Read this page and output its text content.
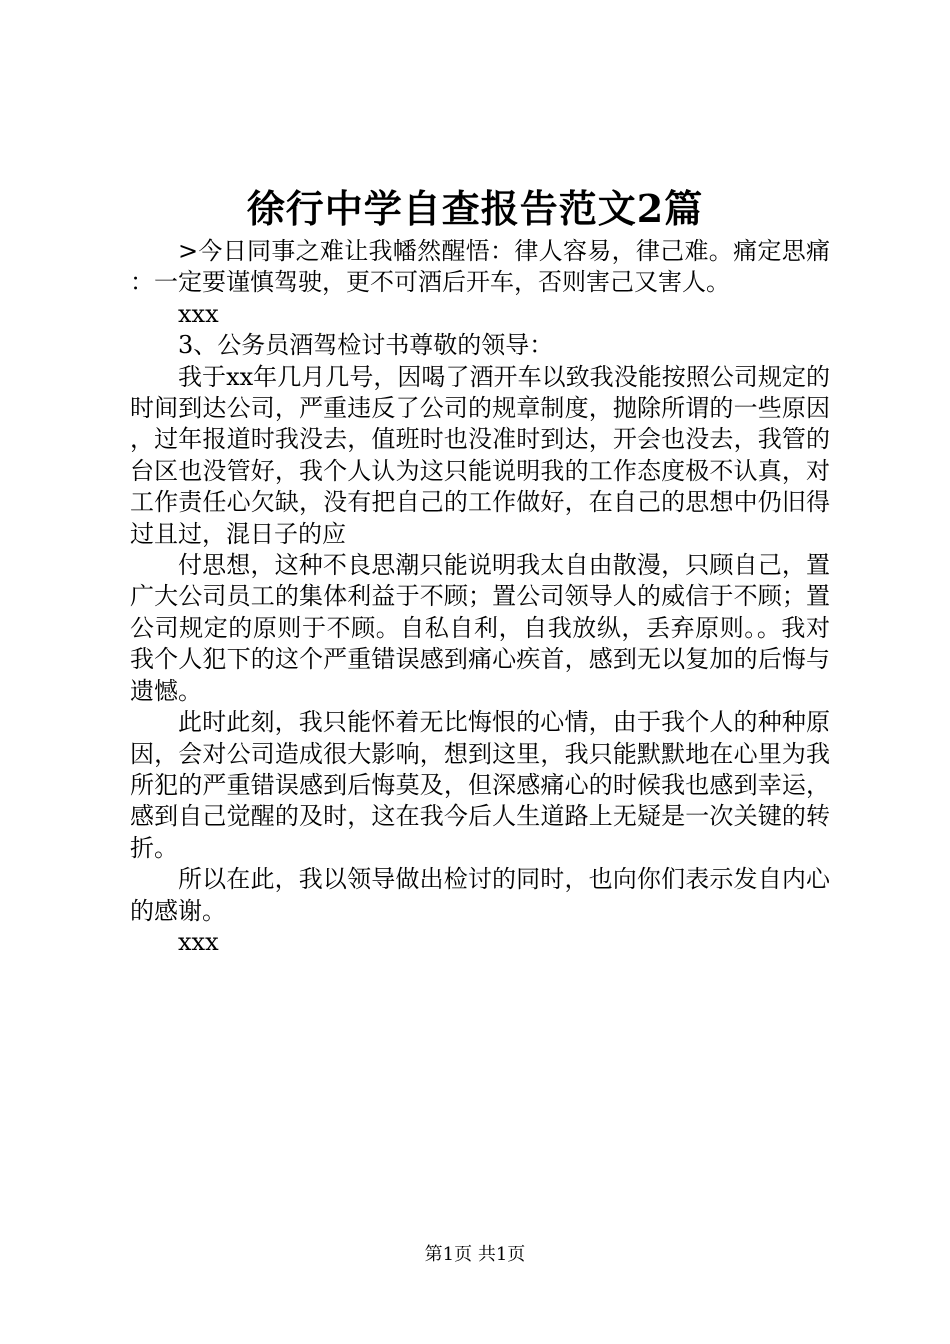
徐行中学自查报告范文2篇

>今日同事之难让我幡然醒悟：律人容易，律己难。痛定思痛：一定要谨慎驾驶，更不可酒后开车，否则害己又害人。

xxx

3、公务员酒驾检讨书尊敬的领导：

我于xx年几月几号，因喝了酒开车以致我没能按照公司规定的时间到达公司，严重违反了公司的规章制度，抛除所谓的一些原因，过年报道时我没去，值班时也没准时到达，开会也没去，我管的台区也没管好，我个人认为这只能说明我的工作态度极不认真，对工作责任心欠缺，没有把自己的工作做好，在自己的思想中仍旧得过且过，混日子的应

付思想，这种不良思潮只能说明我太自由散漫，只顾自己，置广大公司员工的集体利益于不顾；置公司领导人的威信于不顾；置公司规定的原则于不顾。自私自利，自我放纵，丢弃原则。。我对我个人犯下的这个严重错误感到痛心疾首，感到无以复加的后悔与遗憾。

此时此刻，我只能怀着无比悔恨的心情，由于我个人的种种原因，会对公司造成很大影响，想到这里，我只能默默地在心里为我所犯的严重错误感到后悔莫及，但深感痛心的时候我也感到幸运，感到自己觉醒的及时，这在我今后人生道路上无疑是一次关键的转折。

所以在此，我以领导做出检讨的同时，也向你们表示发自内心的感谢。

xxx

第1页 共1页
